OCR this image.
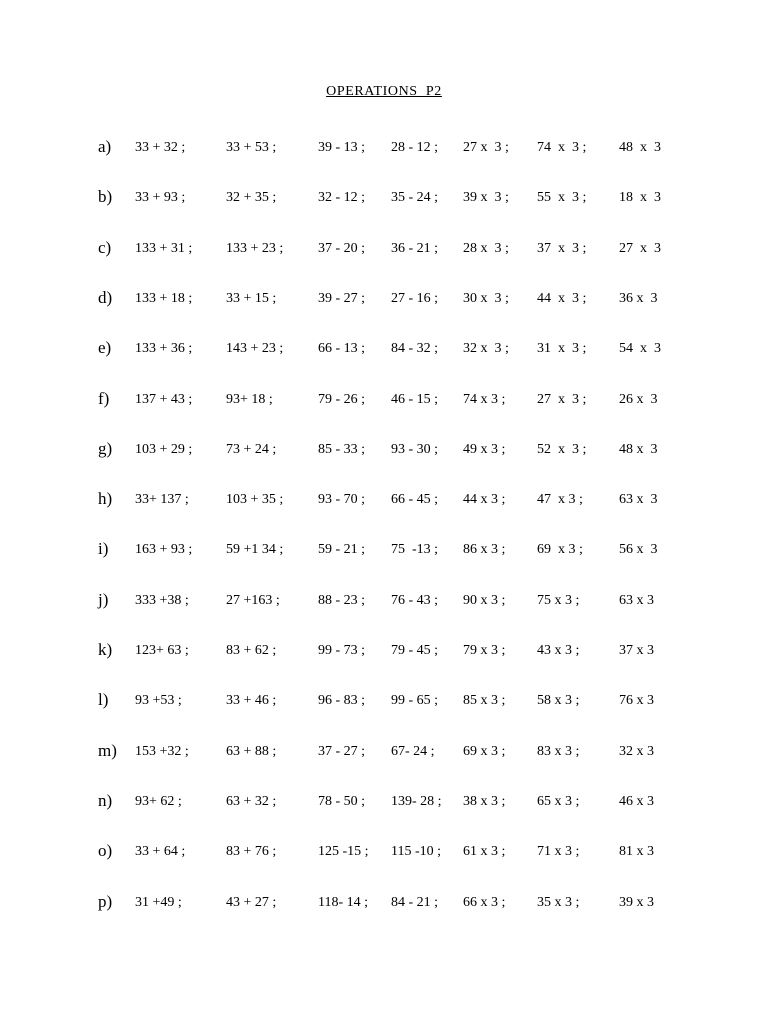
OPERATIONS  P2
a)	33 + 32 ;	33 + 53 ;	39 - 13 ; 28 - 12 ; 27 x  3 ; 74  x  3 ; 48  x  3
b)	33 + 93 ;	32 + 35 ;	32 - 12 ; 35 - 24 ; 39 x  3 ; 55  x  3 ; 18  x  3
c)	133 + 31 ; 133 + 23 ; 37 - 20 ; 36 - 21 ; 28 x  3 ; 37  x  3 ; 27  x  3
d)	133 + 18 ; 33 + 15 ;	39 - 27 ; 27 - 16 ; 30 x  3 ; 44  x  3 ; 36 x  3
e)	133 + 36 ; 143 + 23 ; 66 - 13 ; 84 - 32 ; 32 x  3 ; 31  x  3 ; 54  x  3
f)	137 + 43 ; 93+ 18 ;	79 - 26 ; 46 - 15 ; 74 x 3 ; 27  x  3 ; 26 x  3
g)	103 + 29 ; 73 + 24 ;	85 - 33 ; 93 - 30 ; 49 x 3 ; 52  x  3 ; 48 x  3
h)	33+ 137 ;	103 + 35 ; 93 - 70 ; 66 - 45 ; 44 x 3 ; 47  x 3 ;	63 x  3
i)	163 + 93 ; 59 +1 34 ; 59 - 21 ; 75  -13 ; 86 x 3 ; 69  x 3 ;	56 x  3
j)	333 +38 ;	27 +163 ;	88 - 23 ; 76 - 43 ; 90 x 3 ; 75 x 3 ;	63 x 3
k)	123+ 63 ;	83 + 62 ;	99 - 73 ; 79 - 45 ; 79 x 3 ; 43 x 3 ;	37 x 3
l)	93 +53 ;	33 + 46 ;	96 - 83 ; 99 - 65 ; 85 x 3 ; 58 x 3 ;	76 x 3
m) 153 +32 ;	63 + 88 ;	37 - 27 ; 67- 24 ; 69 x 3 ; 83 x 3 ;	32 x 3
n)	93+ 62 ;	63 + 32 ;	78 - 50 ; 139- 28 ; 38 x 3 ; 65 x 3 ;	46 x 3
o)	33 + 64 ;	83 + 76 ;	125 -15 ; 115 -10 ; 61 x 3 ; 71 x 3 ;	81 x 3
p)	31 +49 ;	43 + 27 ;	118- 14 ; 84 - 21 ; 66 x 3 ; 35 x 3 ;	39 x 3
